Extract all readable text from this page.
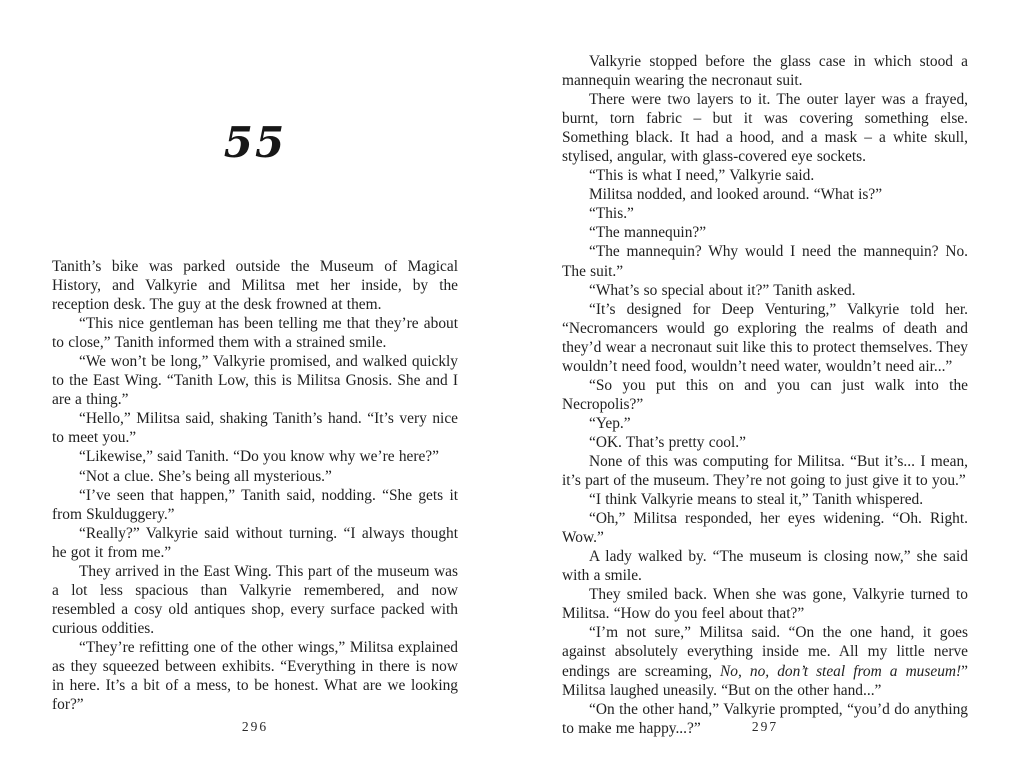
55

Tanith’s bike was parked outside the Museum of Magical History, and Valkyrie and Militsa met her inside, by the reception desk. The guy at the desk frowned at them.

“This nice gentleman has been telling me that they’re about to close,” Tanith informed them with a strained smile.

“We won’t be long,” Valkyrie promised, and walked quickly to the East Wing. “Tanith Low, this is Militsa Gnosis. She and I are a thing.”

“Hello,” Militsa said, shaking Tanith’s hand. “It’s very nice to meet you.”

“Likewise,” said Tanith. “Do you know why we’re here?”

“Not a clue. She’s being all mysterious.”

“I’ve seen that happen,” Tanith said, nodding. “She gets it from Skulduggery.”

“Really?” Valkyrie said without turning. “I always thought he got it from me.”

They arrived in the East Wing. This part of the museum was a lot less spacious than Valkyrie remembered, and now resembled a cosy old antiques shop, every surface packed with curious oddities.

“They’re refitting one of the other wings,” Militsa explained as they squeezed between exhibits. “Everything in there is now in here. It’s a bit of a mess, to be honest. What are we looking for?”

296

Valkyrie stopped before the glass case in which stood a mannequin wearing the necronaut suit.

There were two layers to it. The outer layer was a frayed, burnt, torn fabric – but it was covering something else. Something black. It had a hood, and a mask – a white skull, stylised, angular, with glass-covered eye sockets.

“This is what I need,” Valkyrie said.

Militsa nodded, and looked around. “What is?”

“This.”

“The mannequin?”

“The mannequin? Why would I need the mannequin? No. The suit.”

“What’s so special about it?” Tanith asked.

“It’s designed for Deep Venturing,” Valkyrie told her. “Necromancers would go exploring the realms of death and they’d wear a necronaut suit like this to protect themselves. They wouldn’t need food, wouldn’t need water, wouldn’t need air...”

“So you put this on and you can just walk into the Necropolis?”

“Yep.”

“OK. That’s pretty cool.”

None of this was computing for Militsa. “But it’s... I mean, it’s part of the museum. They’re not going to just give it to you.”

“I think Valkyrie means to steal it,” Tanith whispered.

“Oh,” Militsa responded, her eyes widening. “Oh. Right. Wow.”

A lady walked by. “The museum is closing now,” she said with a smile.

They smiled back. When she was gone, Valkyrie turned to Militsa. “How do you feel about that?”

“I’m not sure,” Militsa said. “On the one hand, it goes against absolutely everything inside me. All my little nerve endings are screaming, No, no, don’t steal from a museum!” Militsa laughed uneasily. “But on the other hand...”

“On the other hand,” Valkyrie prompted, “you’d do anything to make me happy...?”	297
